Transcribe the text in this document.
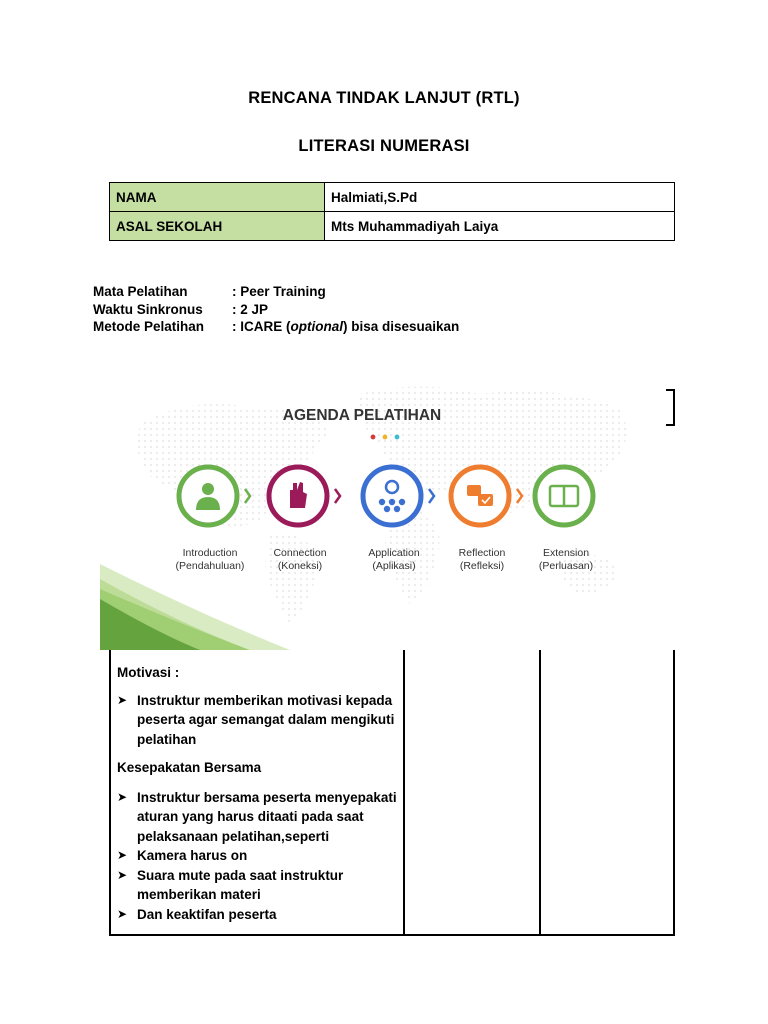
RENCANA TINDAK LANJUT (RTL)
LITERASI NUMERASI
NAMA	Halmiati,S.Pd
ASAL SEKOLAH	Mts Muhammadiyah Laiya
Mata Pelatihan	: Peer Training
Waktu Sinkronus	: 2 JP
Metode Pelatihan	: ICARE (optional) bisa disesuaikan
AGENDA PELATIHAN
Introduction
(Pendahuluan)
Connection
(Koneksi)
Application
(Aplikasi)
Reflection
(Refleksi)
Extension
(Perluasan)

Motivasi :

➤ Instruktur memberikan motivasi kepada peserta agar semangat dalam mengikuti pelatihan

Kesepakatan Bersama

➤ Instruktur bersama peserta menyepakati aturan yang harus ditaati pada saat pelaksanaan pelatihan,seperti
➤ Kamera harus on
➤ Suara mute pada saat instruktur memberikan materi
➤ Dan keaktifan peserta
